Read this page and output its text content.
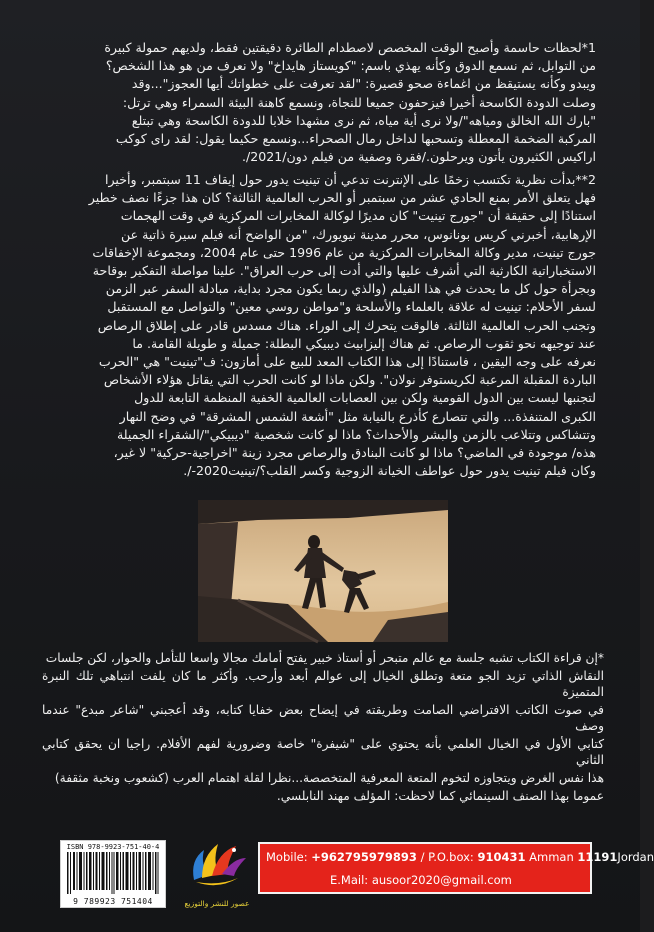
1*لحظات حاسمة وأصبح الوقت المخصص لاصطدام الطائرة دقيقتين فقط، ولديهم حمولة كبيرة

من التوابل، ثم نسمع الدوق وكأنه يهذي باسم: "كويستاز هايداخ" ولا نعرف من هو هذا الشخص؟

ويبدو وكأنه يستيقظ من اغماءة صحو قصيرة: "لقد تعرفت على خطواتك أيها العجوز"...وقد

وصلت الدودة الكاسحة أخيرا فيزحفون جميعا للنجاة، ونسمع كاهنة البيئة السمراء وهي ترتل:

"بارك الله الخالق ومياهه"/ولا نرى أية مياه، ثم نرى مشهدا خلابا للدودة الكاسحة وهي تبتلع

المركبة الضخمة المعطلة وتسحبها لداخل رمال الصحراء...ونسمع حكيما يقول: لقد راى كوكب

اراكيس الكثيرون يأتون ويرحلون./فقرة وصفية من فيلم دون/2021/.

2**بدأت نظرية تكتسب زخمًا على الإنترنت تدعي أن تينيت يدور حول إيقاف 11 سبتمبر، وأخيرا

فهل يتعلق الأمر بمنع الحادي عشر من سبتمبر أو الحرب العالمية الثالثة؟ كان هذا جزءًا نصف خطير

استنادًا إلى حقيقة أن "جورج تينيت" كان مديرًا لوكالة المخابرات المركزية في وقت الهجمات

الإرهابية، أخبرني كريس بونانوس، محرر مدينة نيويورك، "من الواضح أنه فيلم سيرة ذاتية عن

جورج تينيت، مدير وكالة المخابرات المركزية من عام 1996 حتى عام 2004، ومجموعة الإخفاقات

الاستخباراتية الكارثية التي أشرف عليها والتي أدت إلى حرب العراق". علينا مواصلة التفكير بوقاحة

وبجرأة حول كل ما يحدث في هذا الفيلم (والذي ربما يكون مجرد بداية، مبادلة السفر عبر الزمن

لسفر الأحلام: تينيت له علاقة بالعلماء والأسلحة و"مواطن روسي معين" والتواصل مع المستقبل

وتجنب الحرب العالمية الثالثة. فالوقت يتحرك إلى الوراء. هناك مسدس قادر على إطلاق الرصاص

عند توجيهه نحو ثقوب الرصاص. ثم هناك إليزابيث ديبيكي البطلة: جميلة و طويلة القامة. ما

نعرفه على وجه اليقين ، فاستنادًا إلى هذا الكتاب المعد للبيع على أمازون: ف"تينيت" هي "الحرب

الباردة المقبلة المرعبة لكريستوفر نولان". ولكن ماذا لو كانت الحرب التي يقاتل هؤلاء الأشخاص

لتجنبها ليست بين الدول القومية ولكن بين العصابات العالمية الخفية المنظمة التابعة للدول

الكبرى المتنفذة... والتي تتصارع كأذرع بالنيابة مثل "أشعة الشمس المشرقة" في وضح النهار

وتتشاكس وتتلاعب بالزمن والبشر والأحداث؟ ماذا لو كانت شخصية "ديبيكي"/الشقراء الجميلة

هذه/ موجودة في الماضي؟ ماذا لو كانت البنادق والرصاص مجرد زينة "اخراجية-حركية" لا غير،

وكان فيلم تينيت يدور حول عواطف الخيانة الزوجية وكسر القلب؟/تينيت2020-/.

*إن قراءة الكتاب تشبه جلسة مع عالم متبحر أو أستاذ خبير يفتح أمامك مجالا واسعا للتأمل والحوار، لكن جلسات

النقاش الذاتي تزيد الجو متعة وتطلق الخيال إلى عوالم أبعد وأرحب. وأكثر ما كان يلفت انتباهي تلك النبرة المتميزة

في صوت الكاتب الافتراضي الصامت وطريقته في إيضاح بعض خفايا كتابه، وقد أعجبني "شاعر مبدع" عندما وصف

كتابي الأول في الخيال العلمي بأنه يحتوي على "شيفرة" خاصة وضرورية لفهم الأفلام. راجيا ان يحقق كتابي الثاني

هذا نفس الغرض ويتجاوزه لتخوم المتعة المعرفية المتخصصة...نظرا لقلة اهتمام العرب (كشعوب ونخبة مثقفة)

عموما بهذا الصنف السينمائي كما لاحظت: المؤلف مهند النابلسي.

ISBN 978-9923-751-40-4
9 789923 751404	عصور للنشر والتوزيع
Mobile: +962795979893 / P.O.box: 910431 Amman 11191Jordan
E.Mail: ausoor2020@gmail.com
